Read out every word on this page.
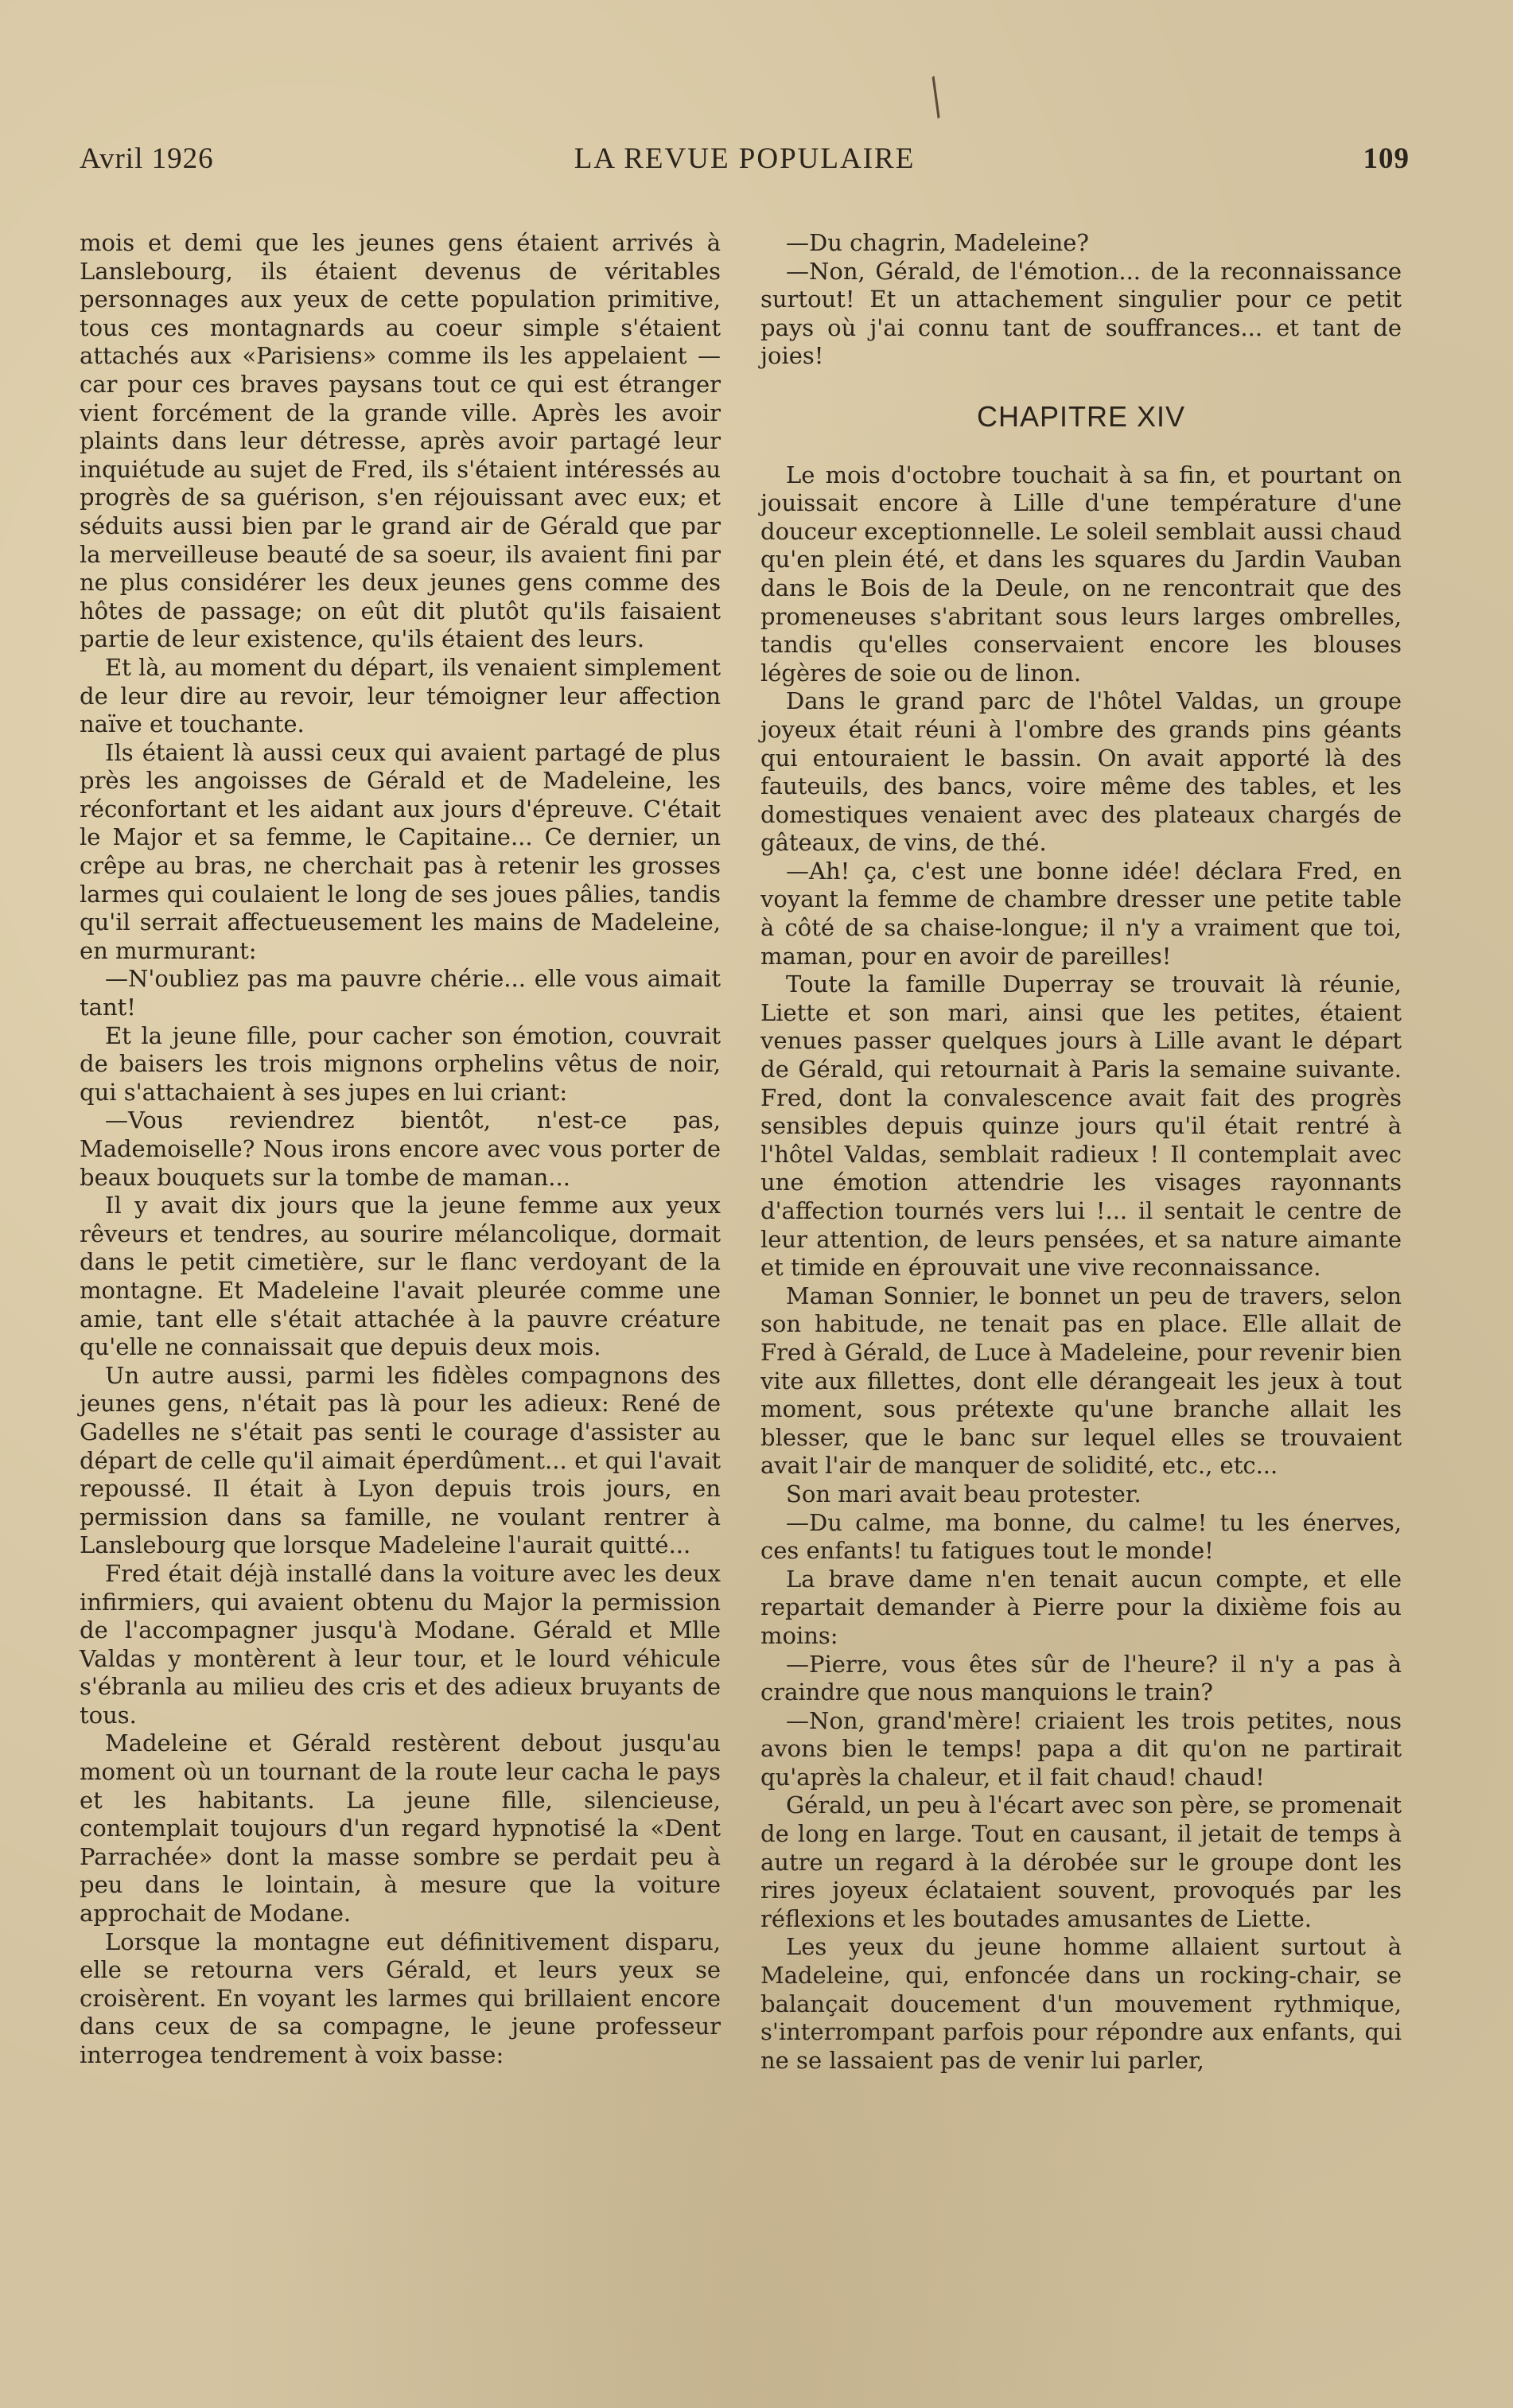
╱
Avril 1926	LA REVUE POPULAIRE	109

mois et demi que les jeunes gens étaient arrivés à Lanslebourg, ils étaient devenus de véritables personnages aux yeux de cette population primitive, tous ces montagnards au coeur simple s'étaient attachés aux «Parisiens» comme ils les appelaient —car pour ces braves paysans tout ce qui est étranger vient forcément de la grande ville. Après les avoir plaints dans leur détresse, après avoir partagé leur inquiétude au sujet de Fred, ils s'étaient intéressés au progrès de sa guérison, s'en réjouissant avec eux; et séduits aussi bien par le grand air de Gérald que par la merveilleuse beauté de sa soeur, ils avaient fini par ne plus considérer les deux jeunes gens comme des hôtes de passage; on eût dit plutôt qu'ils faisaient partie de leur existence, qu'ils étaient des leurs.

Et là, au moment du départ, ils venaient simplement de leur dire au revoir, leur témoigner leur affection naïve et touchante.

Ils étaient là aussi ceux qui avaient partagé de plus près les angoisses de Gérald et de Madeleine, les réconfortant et les aidant aux jours d'épreuve. C'était le Major et sa femme, le Capitaine... Ce dernier, un crêpe au bras, ne cherchait pas à retenir les grosses larmes qui coulaient le long de ses joues pâlies, tandis qu'il serrait affectueusement les mains de Madeleine, en murmurant:

—N'oubliez pas ma pauvre chérie... elle vous aimait tant!

Et la jeune fille, pour cacher son émotion, couvrait de baisers les trois mignons orphelins vêtus de noir, qui s'attachaient à ses jupes en lui criant:

—Vous reviendrez bientôt, n'est-ce pas, Mademoiselle? Nous irons encore avec vous porter de beaux bouquets sur la tombe de maman...

Il y avait dix jours que la jeune femme aux yeux rêveurs et tendres, au sourire mélancolique, dormait dans le petit cimetière, sur le flanc verdoyant de la montagne. Et Madeleine l'avait pleurée comme une amie, tant elle s'était attachée à la pauvre créature qu'elle ne connaissait que depuis deux mois.

Un autre aussi, parmi les fidèles compagnons des jeunes gens, n'était pas là pour les adieux: René de Gadelles ne s'était pas senti le courage d'assister au départ de celle qu'il aimait éperdûment... et qui l'avait repoussé. Il était à Lyon depuis trois jours, en permission dans sa famille, ne voulant rentrer à Lanslebourg que lorsque Madeleine l'aurait quitté...

Fred était déjà installé dans la voiture avec les deux infirmiers, qui avaient obtenu du Major la permission de l'accompagner jusqu'à Modane. Gérald et Mlle Valdas y montèrent à leur tour, et le lourd véhicule s'ébranla au milieu des cris et des adieux bruyants de tous.

Madeleine et Gérald restèrent debout jusqu'au moment où un tournant de la route leur cacha le pays et les habitants. La jeune fille, silencieuse, contemplait toujours d'un regard hypnotisé la «Dent Parrachée» dont la masse sombre se perdait peu à peu dans le lointain, à mesure que la voiture approchait de Modane.

Lorsque la montagne eut définitivement disparu, elle se retourna vers Gérald, et leurs yeux se croisèrent. En voyant les larmes qui brillaient encore dans ceux de sa compagne, le jeune professeur interrogea tendrement à voix basse:

—Du chagrin, Madeleine?

—Non, Gérald, de l'émotion... de la reconnaissance surtout! Et un attachement singulier pour ce petit pays où j'ai connu tant de souffrances... et tant de joies!

CHAPITRE XIV

Le mois d'octobre touchait à sa fin, et pourtant on jouissait encore à Lille d'une température d'une douceur exceptionnelle. Le soleil semblait aussi chaud qu'en plein été, et dans les squares du Jardin Vauban dans le Bois de la Deule, on ne rencontrait que des promeneuses s'abritant sous leurs larges ombrelles, tandis qu'elles conservaient encore les blouses légères de soie ou de linon.

Dans le grand parc de l'hôtel Valdas, un groupe joyeux était réuni à l'ombre des grands pins géants qui entouraient le bassin. On avait apporté là des fauteuils, des bancs, voire même des tables, et les domestiques venaient avec des plateaux chargés de gâteaux, de vins, de thé.

—Ah! ça, c'est une bonne idée! déclara Fred, en voyant la femme de chambre dresser une petite table à côté de sa chaise-longue; il n'y a vraiment que toi, maman, pour en avoir de pareilles!

Toute la famille Duperray se trouvait là réunie, Liette et son mari, ainsi que les petites, étaient venues passer quelques jours à Lille avant le départ de Gérald, qui retournait à Paris la semaine suivante. Fred, dont la convalescence avait fait des progrès sensibles depuis quinze jours qu'il était rentré à l'hôtel Valdas, semblait radieux ! Il contemplait avec une émotion attendrie les visages rayonnants d'affection tournés vers lui !... il sentait le centre de leur attention, de leurs pensées, et sa nature aimante et timide en éprouvait une vive reconnaissance.

Maman Sonnier, le bonnet un peu de travers, selon son habitude, ne tenait pas en place. Elle allait de Fred à Gérald, de Luce à Madeleine, pour revenir bien vite aux fillettes, dont elle dérangeait les jeux à tout moment, sous prétexte qu'une branche allait les blesser, que le banc sur lequel elles se trouvaient avait l'air de manquer de solidité, etc., etc...

Son mari avait beau protester.

—Du calme, ma bonne, du calme! tu les énerves, ces enfants! tu fatigues tout le monde!

La brave dame n'en tenait aucun compte, et elle repartait demander à Pierre pour la dixième fois au moins:

—Pierre, vous êtes sûr de l'heure? il n'y a pas à craindre que nous manquions le train?

—Non, grand'mère! criaient les trois petites, nous avons bien le temps! papa a dit qu'on ne partirait qu'après la chaleur, et il fait chaud! chaud!

Gérald, un peu à l'écart avec son père, se promenait de long en large. Tout en causant, il jetait de temps à autre un regard à la dérobée sur le groupe dont les rires joyeux éclataient souvent, provoqués par les réflexions et les boutades amusantes de Liette.

Les yeux du jeune homme allaient surtout à Madeleine, qui, enfoncée dans un rocking-chair, se balançait doucement d'un mouvement rythmique, s'interrompant parfois pour répondre aux enfants, qui ne se lassaient pas de venir lui parler,
